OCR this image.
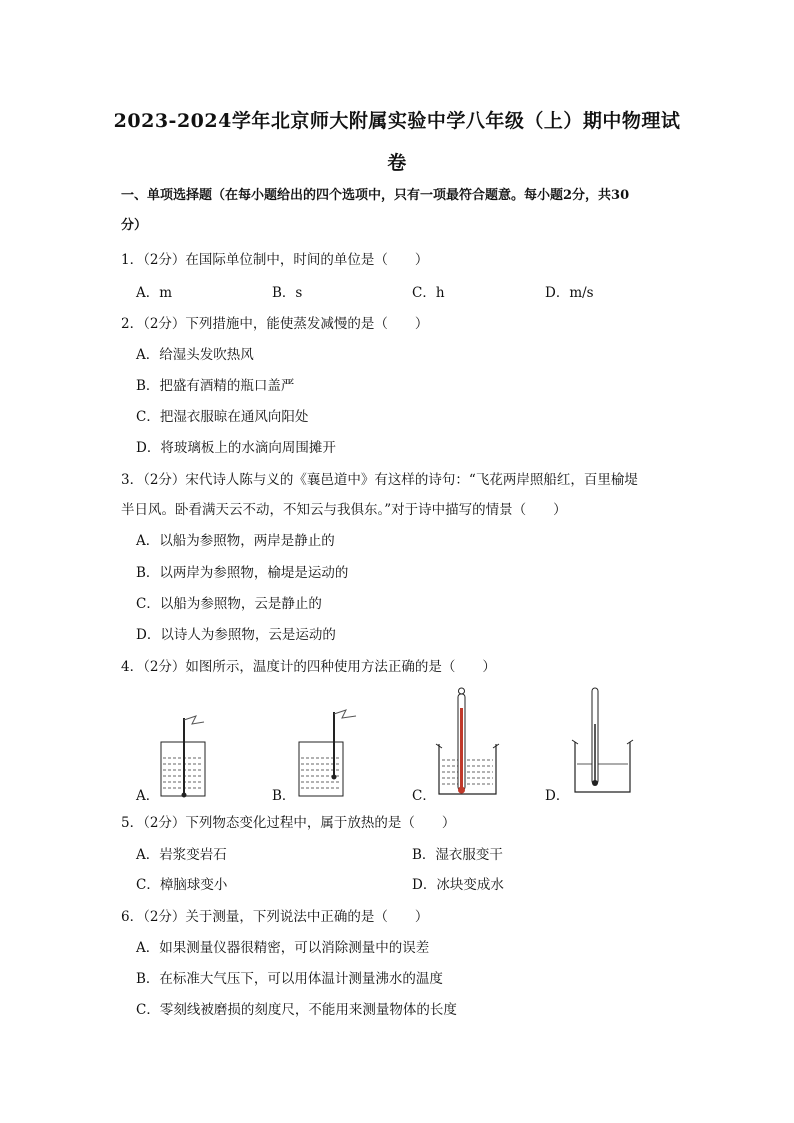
2023-2024学年北京师大附属实验中学八年级（上）期中物理试
卷
一、单项选择题（在每小题给出的四个选项中，只有一项最符合题意。每小题2分，共30
分）
1．（2分）在国际单位制中，时间的单位是（　　）
A．m	B．s	C．h	D．m/s
2．（2分）下列措施中，能使蒸发减慢的是（　　）
A．给湿头发吹热风
B．把盛有酒精的瓶口盖严
C．把湿衣服晾在通风向阳处
D．将玻璃板上的水滴向周围摊开
3．（2分）宋代诗人陈与义的《襄邑道中》有这样的诗句：“飞花两岸照船红，百里榆堤
半日风。卧看满天云不动，不知云与我俱东。”对于诗中描写的情景（　　）
A．以船为参照物，两岸是静止的
B．以两岸为参照物，榆堤是运动的
C．以船为参照物，云是静止的
D．以诗人为参照物，云是运动的
4．（2分）如图所示，温度计的四种使用方法正确的是（　　）
A．	B．	C．	D．
5．（2分）下列物态变化过程中，属于放热的是（　　）
A．岩浆变岩石	B．湿衣服变干
C．樟脑球变小	D．冰块变成水
6．（2分）关于测量，下列说法中正确的是（　　）
A．如果测量仪器很精密，可以消除测量中的误差
B．在标准大气压下，可以用体温计测量沸水的温度
C．零刻线被磨损的刻度尺，不能用来测量物体的长度
